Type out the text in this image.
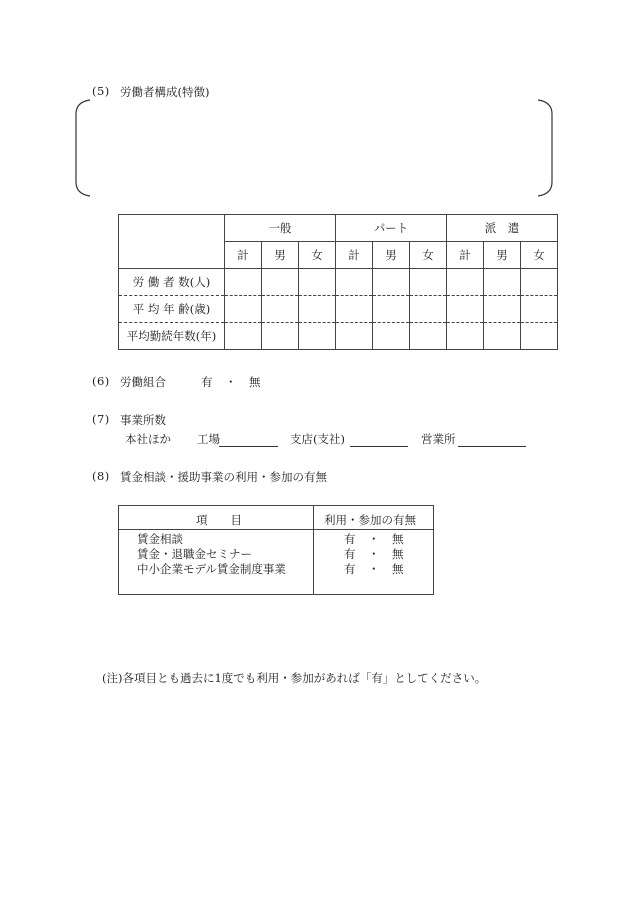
(5) 労働者構成(特徴)
	一般			パート			派　遣		
	計	男	女	計	男	女	計	男	女
労 働 者 数(人)									
平 均 年 齢(歳)									
平均勤続年数(年)									
(6) 労働組合	有 ・ 無
(7) 事業所数
本社ほか 工場	支店(支社)	営業所
(8) 賃金相談・援助事業の利用・参加の有無
項　　目	利用・参加の有無
賃金相談	有 ・ 無
賃金・退職金セミナー	有 ・ 無
中小企業モデル賃金制度事業	有 ・ 無
(注)各項目とも過去に1度でも利用・参加があれば「有」としてください。
